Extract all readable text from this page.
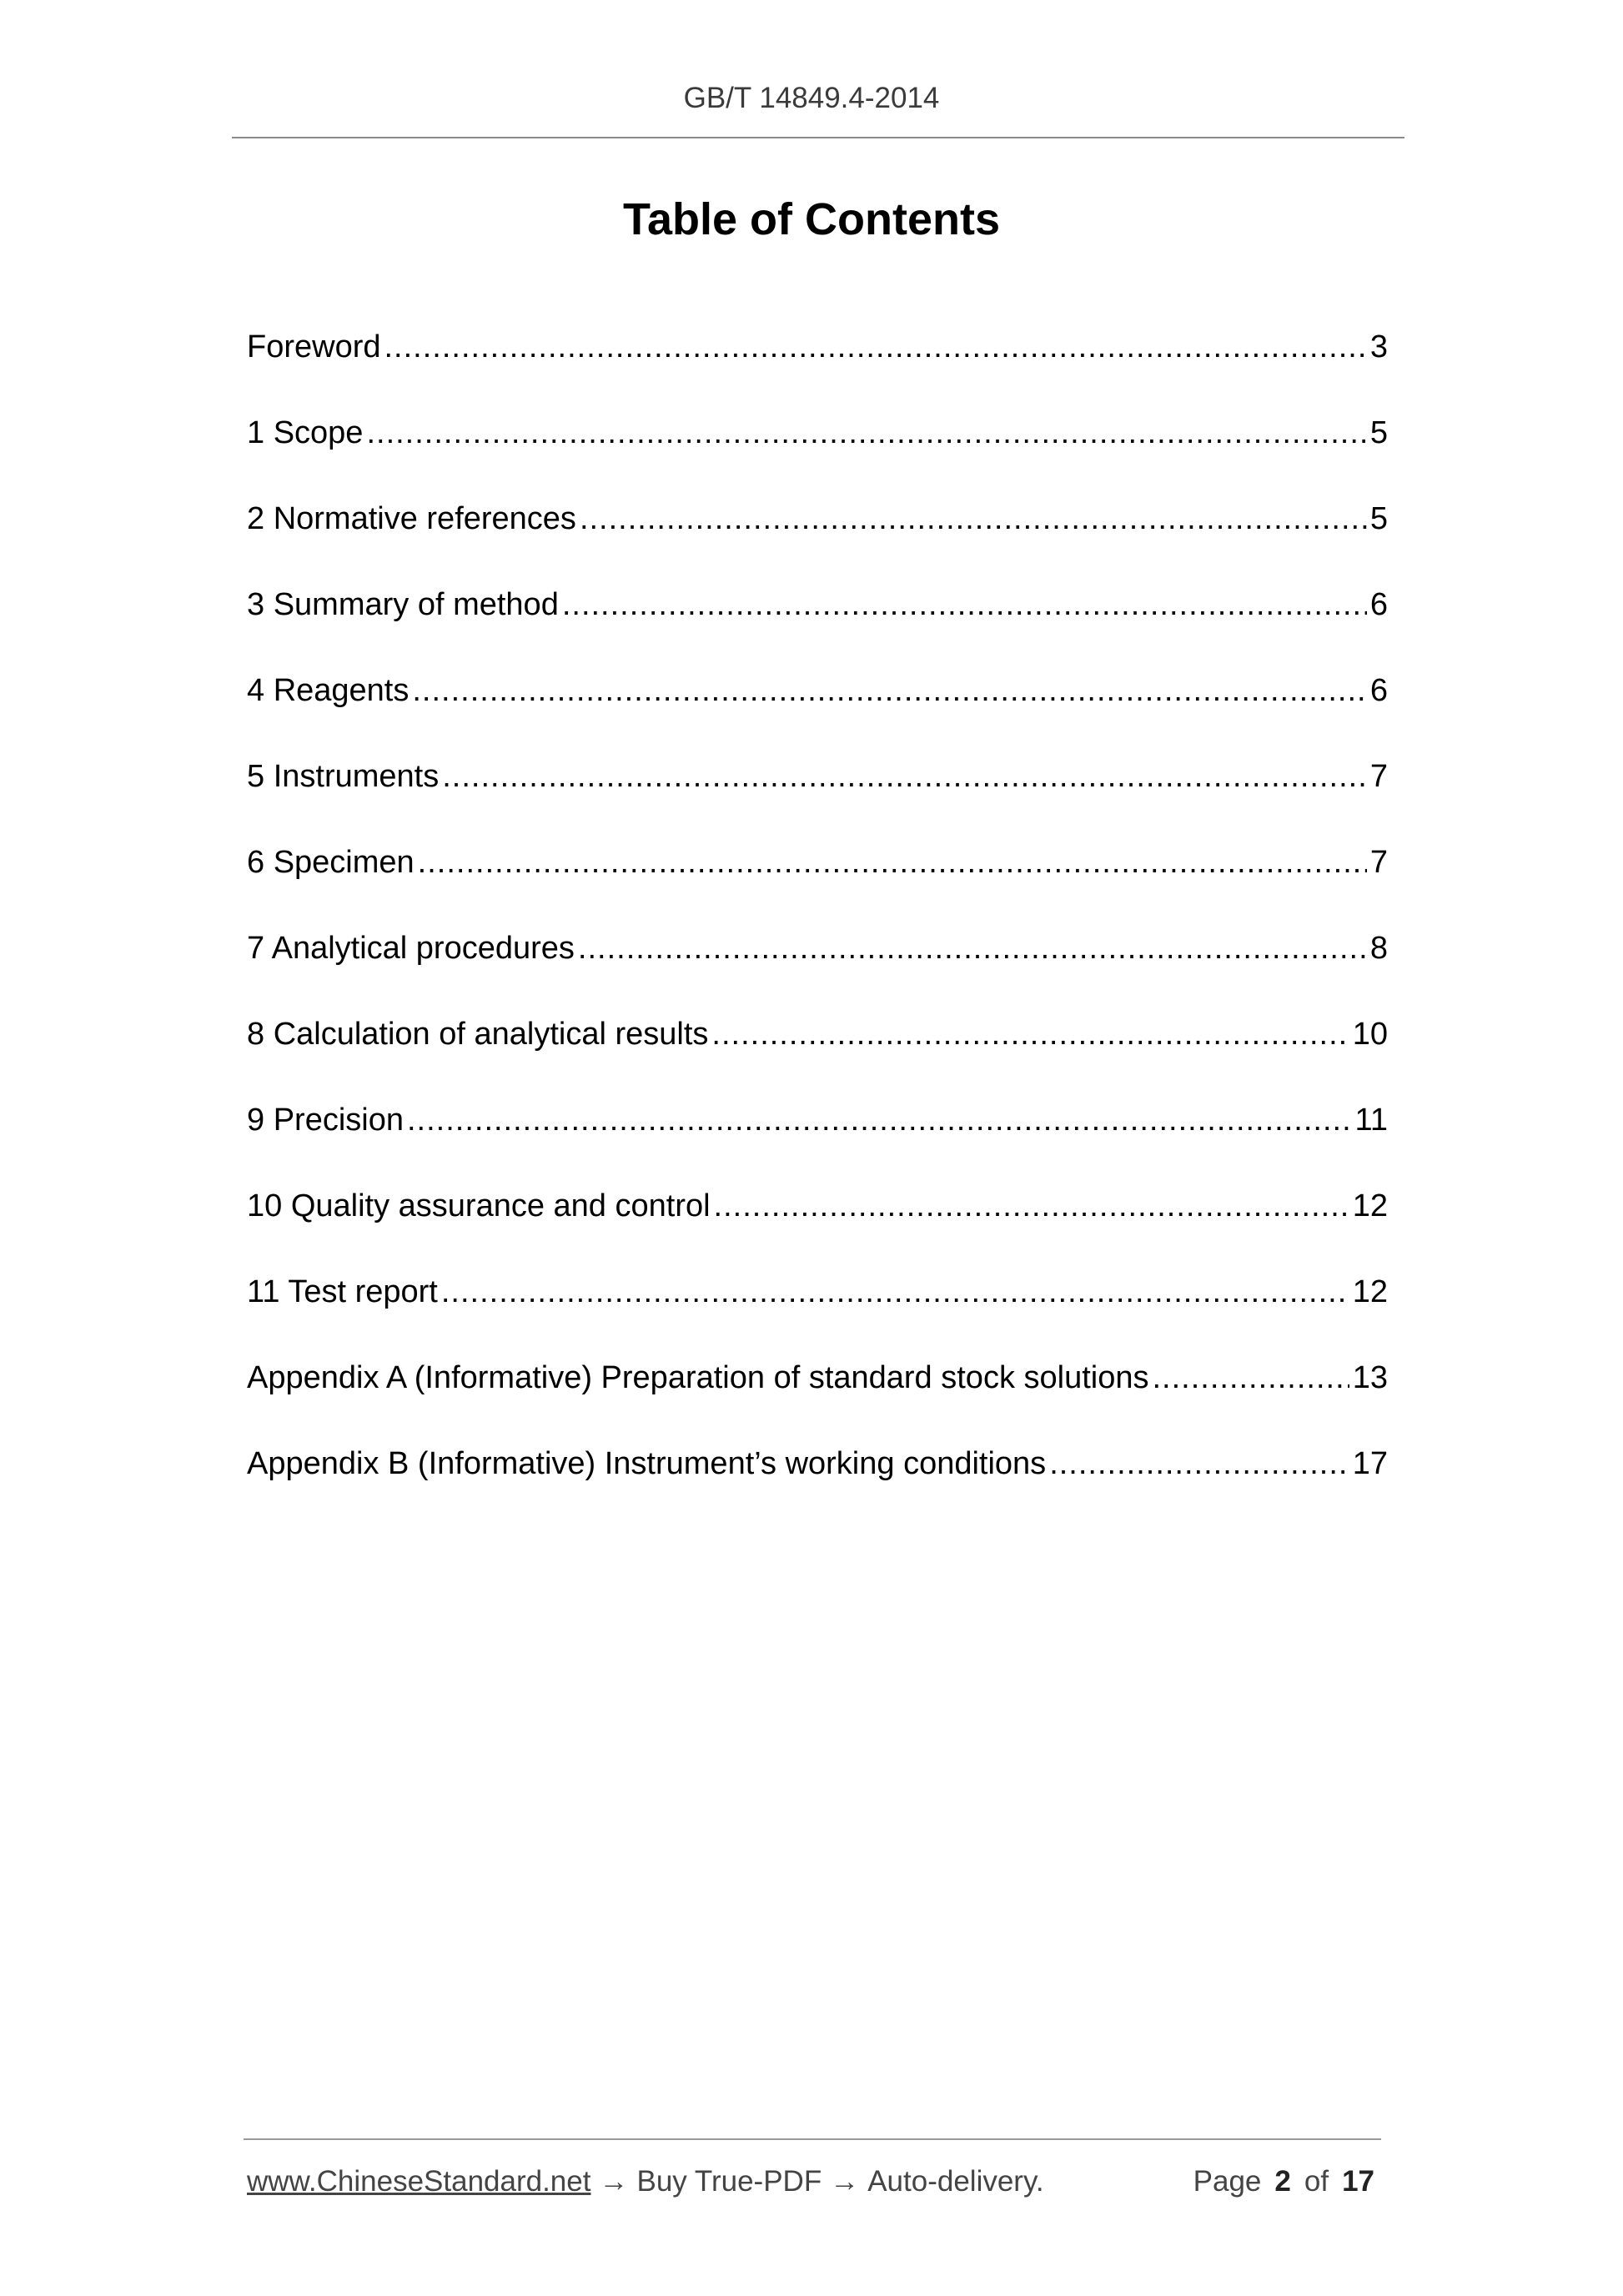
GB/T 14849.4-2014
Table of Contents
Foreword .....	3
1 Scope .....	5
2 Normative references .....	5
3 Summary of method .....	6
4 Reagents .....	6
5 Instruments .....	7
6 Specimen .....	7
7 Analytical procedures .....	8
8 Calculation of analytical results .....	10
9 Precision .....	11
10 Quality assurance and control .....	12
11 Test report .....	12
Appendix A (Informative) Preparation of standard stock solutions .....	13
Appendix B (Informative) Instrument’s working conditions .....	17
www.ChineseStandard.net → Buy True-PDF → Auto-delivery.	Page 2 of 17
